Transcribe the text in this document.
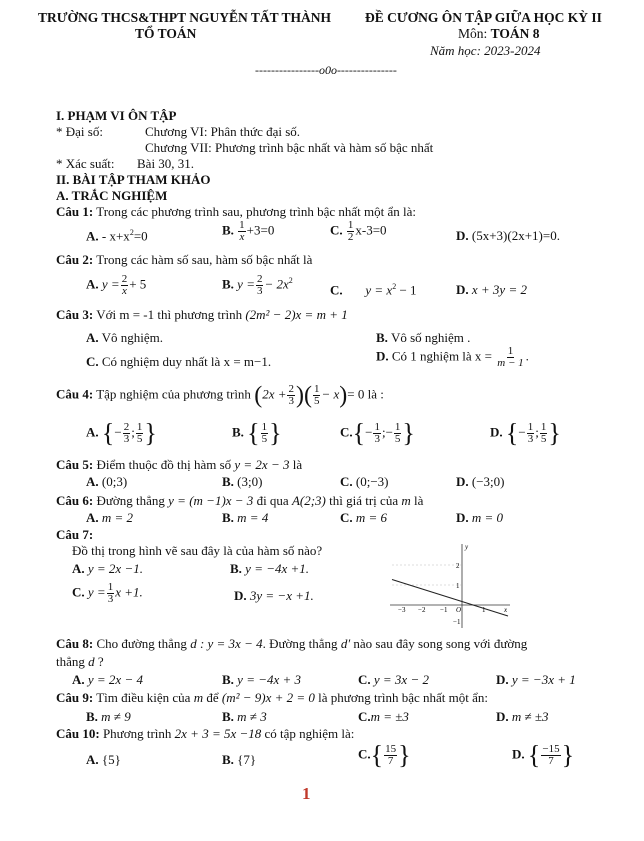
TRƯỜNG THCS&THPT NGUYỄN TẤT THÀNH
TỔ TOÁN
ĐỀ CƯƠNG ÔN TẬP GIỮA HỌC KỲ II
Môn: TOÁN 8
Năm học: 2023-2024
----------------o0o---------------
I. PHẠM VI ÔN TẬP
* Đại số:	Chương VI: Phân thức đại số.
Chương VII: Phương trình bậc nhất và hàm số bậc nhất
* Xác suất: Bài 30, 31.
II. BÀI TẬP THAM KHẢO
A. TRẮC NGHIỆM
Câu 1: Trong các phương trình sau, phương trình bậc nhất một ẩn là:
A. - $x+x^2=0$	B. $\frac{1}{x} +3=0$	C. $\frac{1}{2} x-3=0$	D. (5x+3)(2x+1)=0.
Câu 2: Trong các hàm số sau, hàm số bậc nhất là
A. $y = \frac{2}{x} + 5$	B. $y = \frac{2}{3} - 2x^2$
C. $y = x^2 - 1$	D. x + 3y = 2
Câu 3: Với m = -1 thì phương trình (2m² − 2)x = m + 1
A. Vô nghiệm.	B. Vô số nghiệm .
C. Có nghiệm duy nhất là x = m−1.	D. Có 1 nghiệm là $x = \frac{1}{m - 1}$ .
Câu 4: Tập nghiệm của phương trình ($2x + \frac{2}{3}$ )( $\frac{1}{5} - x)= 0$ là :
A. {− $\frac{2}{3}$ ; $\frac{1}{5}$ }	B. { $\frac{1}{5}$ }	$C.\{- \frac{1}{3}$ ;− $\frac{1}{5}$ }	D. {− $\frac{1}{3}$ ; $\frac{1}{5}$ }
Câu 5: Điểm thuộc đồ thị hàm số y = 2x − 3 là
A. (0;3)	B. (3;0)	C. (0;−3)	D. (−3;0)
Câu 6: Đường thẳng y = (m −1)x − 3 đi qua A(2;3) thì giá trị của m là
A. m = 2	B. m = 4	C. m = 6	D. m = 0
Câu 7:
Đồ thị trong hình vẽ sau đây là của hàm số nào?
A. y = 2x −1.	B. y = −4x +1.
C. $y = \frac{1}{3}$ x +1.	D. 3y = −x +1.
y
x
O
−3 −2 −1	1
2
1
−1
Câu 8: Cho đường thẳng d : y = 3x − 4. Đường thẳng d′ nào sau đây song song với đường
thẳng d ?
A. y = 2x − 4	B. y = −4x + 3	C. y = 3x − 2	D. y = −3x + 1
Câu 9: Tìm điều kiện của m để (m² − 9)x + 2 = 0 là phương trình bậc nhất một ẩn:
B. m ≠ 9	B. m ≠ 3	C.m = ±3	D. m ≠ ±3
Câu 10: Phương trình 2x + 3 = 5x −18 có tập nghiệm là:
A. {5}	B. {7}	$C.\{ \frac{15}{7}$ }	D. { $\frac{-15}{7}$ }
1
